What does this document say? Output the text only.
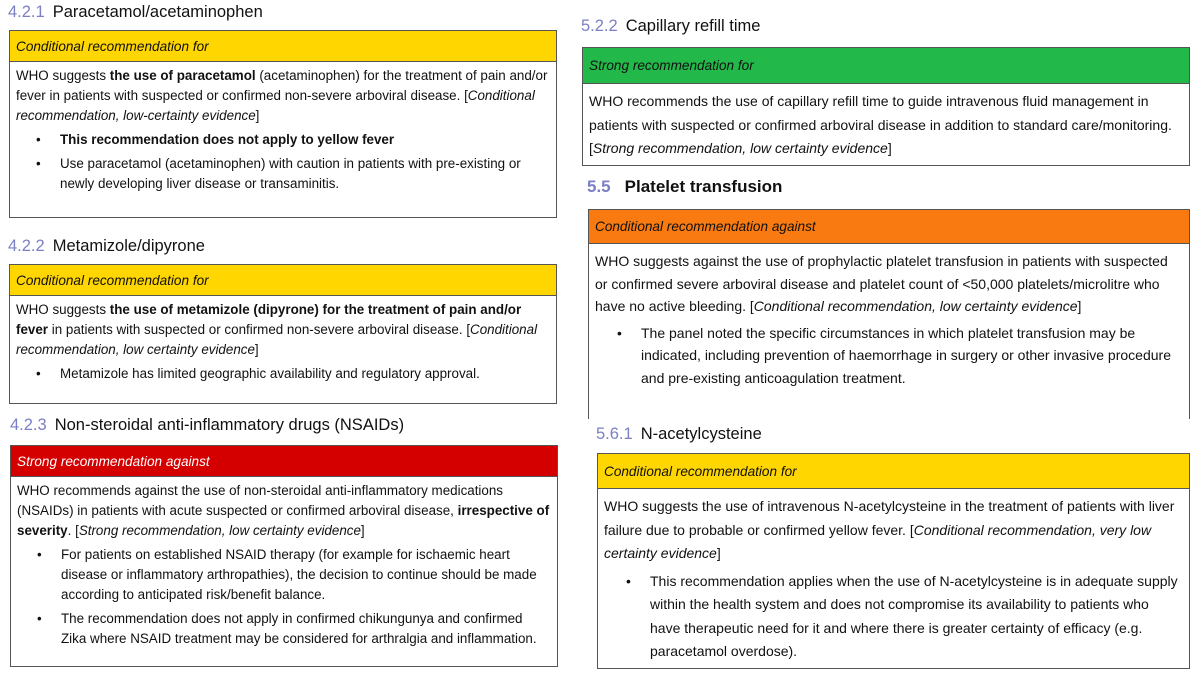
4.2.1 Paracetamol/acetaminophen
Conditional recommendation for
WHO suggests the use of paracetamol (acetaminophen) for the treatment of pain and/or fever in patients with suspected or confirmed non-severe arboviral disease. [Conditional recommendation, low-certainty evidence]
• This recommendation does not apply to yellow fever
• Use paracetamol (acetaminophen) with caution in patients with pre-existing or newly developing liver disease or transaminitis.
4.2.2 Metamizole/dipyrone
Conditional recommendation for
WHO suggests the use of metamizole (dipyrone) for the treatment of pain and/or fever in patients with suspected or confirmed non-severe arboviral disease. [Conditional recommendation, low certainty evidence]
• Metamizole has limited geographic availability and regulatory approval.
4.2.3 Non-steroidal anti-inflammatory drugs (NSAIDs)
Strong recommendation against
WHO recommends against the use of non-steroidal anti-inflammatory medications (NSAIDs) in patients with acute suspected or confirmed arboviral disease, irrespective of severity. [Strong recommendation, low certainty evidence]
• For patients on established NSAID therapy (for example for ischaemic heart disease or inflammatory arthropathies), the decision to continue should be made according to anticipated risk/benefit balance.
• The recommendation does not apply in confirmed chikungunya and confirmed Zika where NSAID treatment may be considered for arthralgia and inflammation.
5.2.2 Capillary refill time
Strong recommendation for
WHO recommends the use of capillary refill time to guide intravenous fluid management in patients with suspected or confirmed arboviral disease in addition to standard care/monitoring. [Strong recommendation, low certainty evidence]
5.5 Platelet transfusion
Conditional recommendation against
WHO suggests against the use of prophylactic platelet transfusion in patients with suspected or confirmed severe arboviral disease and platelet count of <50,000 platelets/microlitre who have no active bleeding. [Conditional recommendation, low certainty evidence]
• The panel noted the specific circumstances in which platelet transfusion may be indicated, including prevention of haemorrhage in surgery or other invasive procedure and pre-existing anticoagulation treatment.
5.6.1 N-acetylcysteine
Conditional recommendation for
WHO suggests the use of intravenous N-acetylcysteine in the treatment of patients with liver failure due to probable or confirmed yellow fever. [Conditional recommendation, very low certainty evidence]
• This recommendation applies when the use of N-acetylcysteine is in adequate supply within the health system and does not compromise its availability to patients who have therapeutic need for it and where there is greater certainty of efficacy (e.g. paracetamol overdose).
